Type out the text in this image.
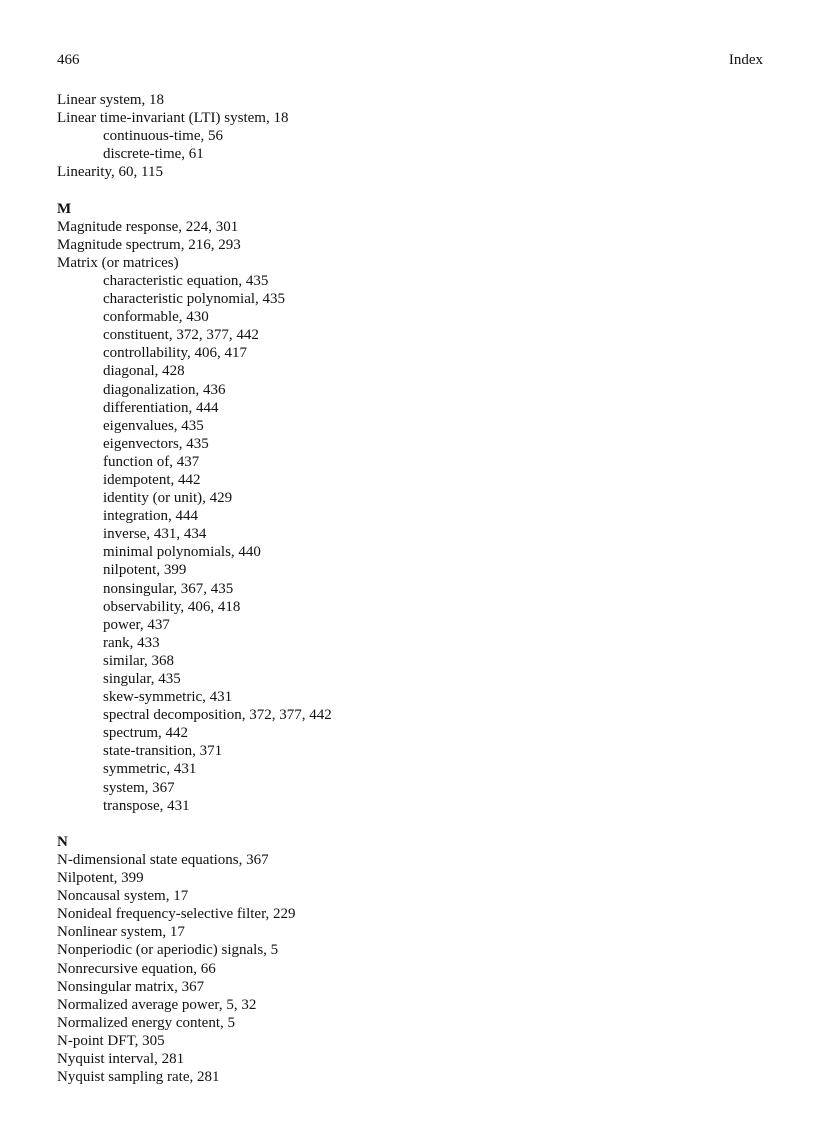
466	Index
Linear system, 18
Linear time-invariant (LTI) system, 18
continuous-time, 56
discrete-time, 61
Linearity, 60, 115
M
Magnitude response, 224, 301
Magnitude spectrum, 216, 293
Matrix (or matrices)
characteristic equation, 435
characteristic polynomial, 435
conformable, 430
constituent, 372, 377, 442
controllability, 406, 417
diagonal, 428
diagonalization, 436
differentiation, 444
eigenvalues, 435
eigenvectors, 435
function of, 437
idempotent, 442
identity (or unit), 429
integration, 444
inverse, 431, 434
minimal polynomials, 440
nilpotent, 399
nonsingular, 367, 435
observability, 406, 418
power, 437
rank, 433
similar, 368
singular, 435
skew-symmetric, 431
spectral decomposition, 372, 377, 442
spectrum, 442
state-transition, 371
symmetric, 431
system, 367
transpose, 431
N
N-dimensional state equations, 367
Nilpotent, 399
Noncausal system, 17
Nonideal frequency-selective filter, 229
Nonlinear system, 17
Nonperiodic (or aperiodic) signals, 5
Nonrecursive equation, 66
Nonsingular matrix, 367
Normalized average power, 5, 32
Normalized energy content, 5
N-point DFT, 305
Nyquist interval, 281
Nyquist sampling rate, 281
